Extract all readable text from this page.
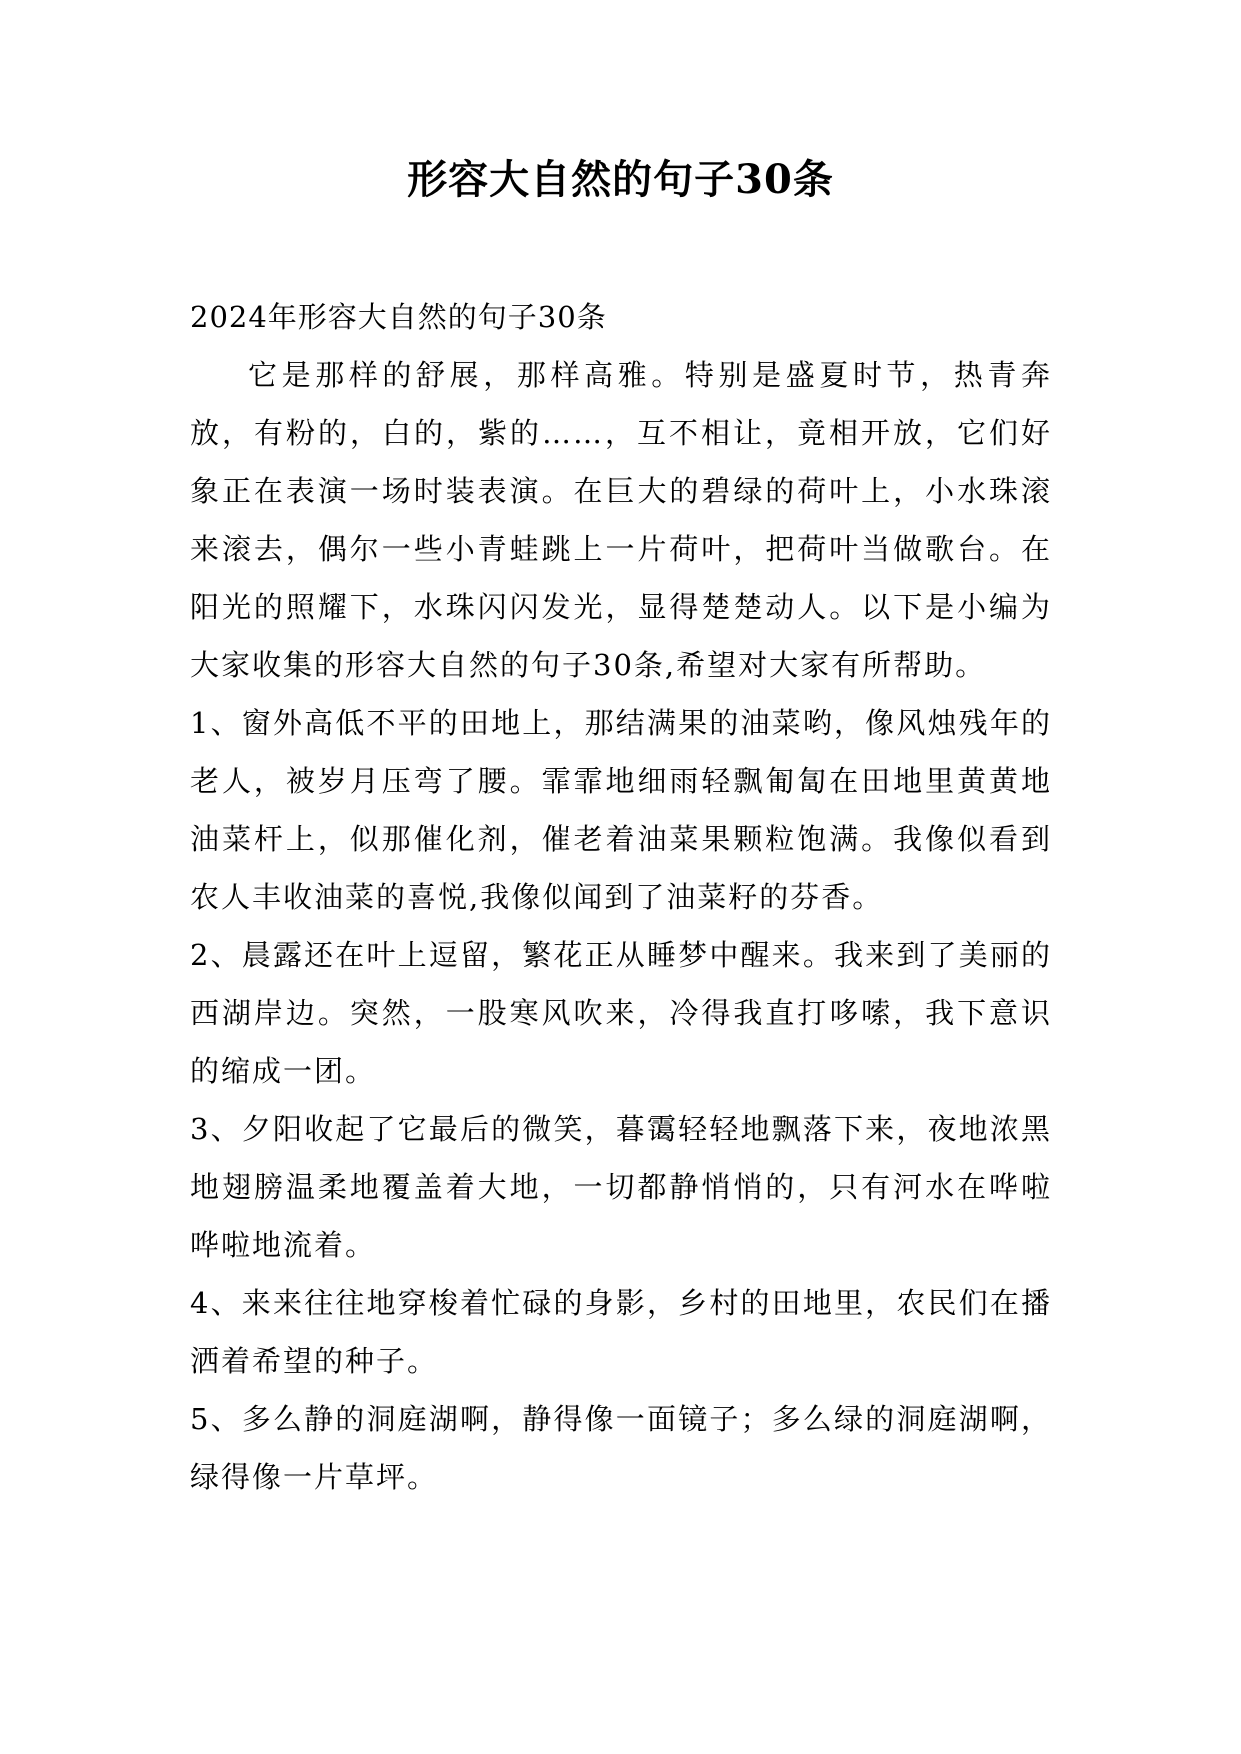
形容大自然的句子30条

2024年形容大自然的句子30条

它是那样的舒展，那样高雅。特别是盛夏时节，热青奔放，有粉的，白的，紫的……，互不相让，竟相开放，它们好象正在表演一场时装表演。在巨大的碧绿的荷叶上，小水珠滚来滚去，偶尔一些小青蛙跳上一片荷叶，把荷叶当做歌台。在阳光的照耀下，水珠闪闪发光，显得楚楚动人。以下是小编为大家收集的形容大自然的句子30条,希望对大家有所帮助。

1、窗外高低不平的田地上，那结满果的油菜哟，像风烛残年的老人，被岁月压弯了腰。霏霏地细雨轻飘匍匐在田地里黄黄地油菜杆上，似那催化剂，催老着油菜果颗粒饱满。我像似看到农人丰收油菜的喜悦,我像似闻到了油菜籽的芬香。

2、晨露还在叶上逗留，繁花正从睡梦中醒来。我来到了美丽的西湖岸边。突然，一股寒风吹来，冷得我直打哆嗦，我下意识的缩成一团。

3、夕阳收起了它最后的微笑，暮霭轻轻地飘落下来，夜地浓黑地翅膀温柔地覆盖着大地，一切都静悄悄的，只有河水在哗啦哗啦地流着。

4、来来往往地穿梭着忙碌的身影，乡村的田地里，农民们在播洒着希望的种子。

5、多么静的洞庭湖啊，静得像一面镜子；多么绿的洞庭湖啊，绿得像一片草坪。
